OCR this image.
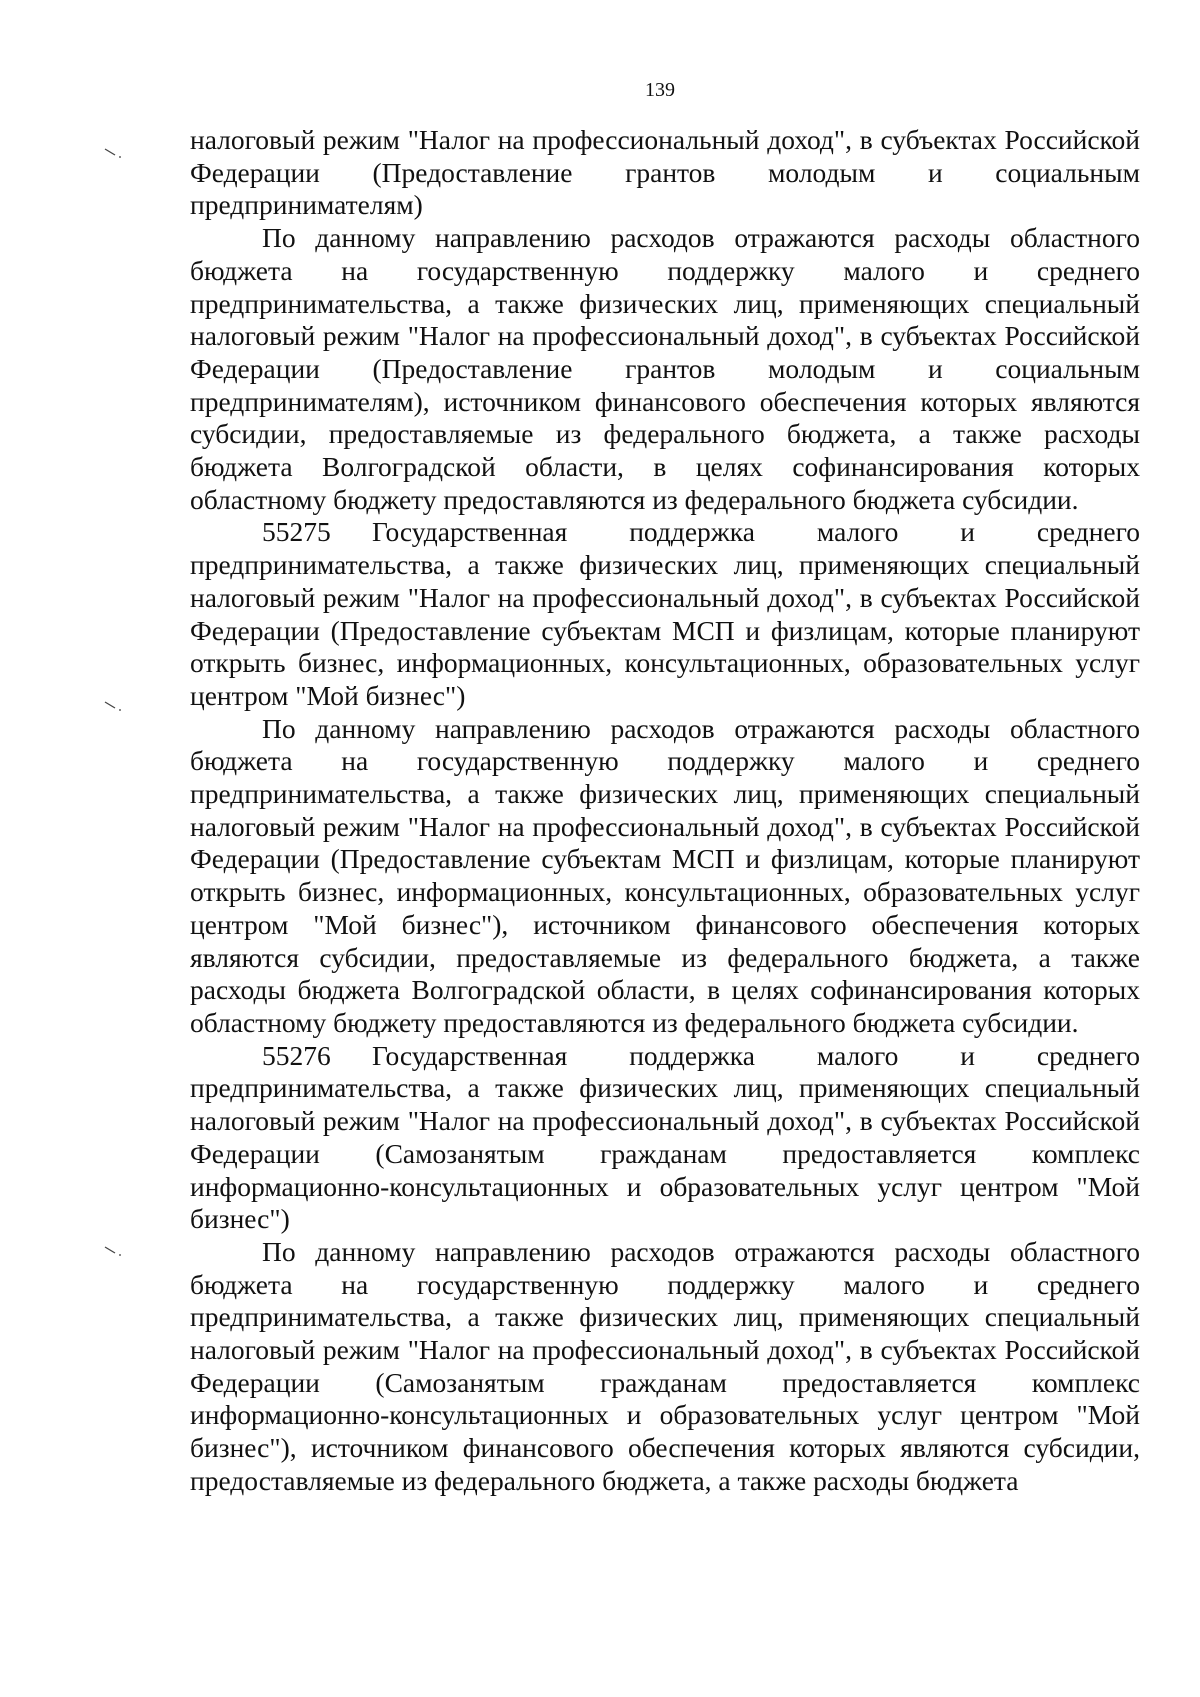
139

налоговый режим "Налог на профессиональный доход", в субъектах Российской Федерации (Предоставление грантов молодым и социальным предпринимателям)

По данному направлению расходов отражаются расходы областного бюджета на государственную поддержку малого и среднего предпринимательства, а также физических лиц, применяющих специальный налоговый режим "Налог на профессиональный доход", в субъектах Российской Федерации (Предоставление грантов молодым и социальным предпринимателям), источником финансового обеспечения которых являются субсидии, предоставляемые из федерального бюджета, а также расходы бюджета Волгоградской области, в целях софинансирования которых областному бюджету предоставляются из федерального бюджета субсидии.

55275 Государственная поддержка малого и среднего предпринимательства, а также физических лиц, применяющих специальный налоговый режим "Налог на профессиональный доход", в субъектах Российской Федерации (Предоставление субъектам МСП и физлицам, которые планируют открыть бизнес, информационных, консультационных, образовательных услуг центром "Мой бизнес")

По данному направлению расходов отражаются расходы областного бюджета на государственную поддержку малого и среднего предпринимательства, а также физических лиц, применяющих специальный налоговый режим "Налог на профессиональный доход", в субъектах Российской Федерации (Предоставление субъектам МСП и физлицам, которые планируют открыть бизнес, информационных, консультационных, образовательных услуг центром "Мой бизнес"), источником финансового обеспечения которых являются субсидии, предоставляемые из федерального бюджета, а также расходы бюджета Волгоградской области, в целях софинансирования которых областному бюджету предоставляются из федерального бюджета субсидии.

55276 Государственная поддержка малого и среднего предпринимательства, а также физических лиц, применяющих специальный налоговый режим "Налог на профессиональный доход", в субъектах Российской Федерации (Самозанятым гражданам предоставляется комплекс информационно-консультационных и образовательных услуг центром "Мой бизнес")

По данному направлению расходов отражаются расходы областного бюджета на государственную поддержку малого и среднего предпринимательства, а также физических лиц, применяющих специальный налоговый режим "Налог на профессиональный доход", в субъектах Российской Федерации (Самозанятым гражданам предоставляется комплекс информационно-консультационных и образовательных услуг центром "Мой бизнес"), источником финансового обеспечения которых являются субсидии, предоставляемые из федерального бюджета, а также расходы бюджета
